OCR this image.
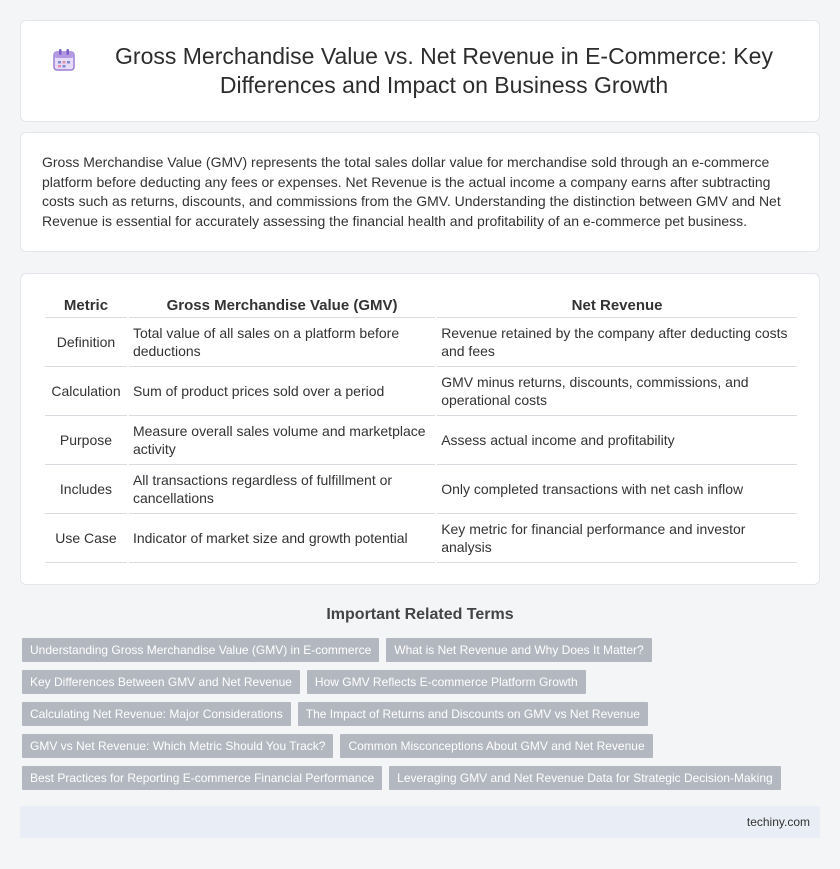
Gross Merchandise Value vs. Net Revenue in E-Commerce: Key Differences and Impact on Business Growth

Gross Merchandise Value (GMV) represents the total sales dollar value for merchandise sold through an e-commerce platform before deducting any fees or expenses. Net Revenue is the actual income a company earns after subtracting costs such as returns, discounts, and commissions from the GMV. Understanding the distinction between GMV and Net Revenue is essential for accurately assessing the financial health and profitability of an e-commerce pet business.

Metric	Gross Merchandise Value (GMV)	Net Revenue
Definition	Total value of all sales on a platform before deductions	Revenue retained by the company after deducting costs and fees
Calculation	Sum of product prices sold over a period	GMV minus returns, discounts, commissions, and operational costs
Purpose	Measure overall sales volume and marketplace activity	Assess actual income and profitability
Includes	All transactions regardless of fulfillment or cancellations	Only completed transactions with net cash inflow
Use Case	Indicator of market size and growth potential	Key metric for financial performance and investor analysis
Important Related Terms
Understanding Gross Merchandise Value (GMV) in E-commerce	What is Net Revenue and Why Does It Matter?
Key Differences Between GMV and Net Revenue	How GMV Reflects E-commerce Platform Growth
Calculating Net Revenue: Major Considerations	The Impact of Returns and Discounts on GMV vs Net Revenue
GMV vs Net Revenue: Which Metric Should You Track?	Common Misconceptions About GMV and Net Revenue
Best Practices for Reporting E-commerce Financial Performance	Leveraging GMV and Net Revenue Data for Strategic Decision-Making
techiny.com
